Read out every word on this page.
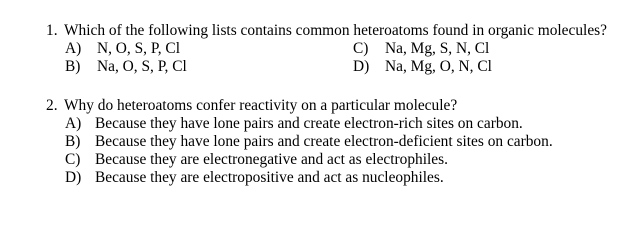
1. Which of the following lists contains common heteroatoms found in organic molecules?
A) N, O, S, P, Cl
B) Na, O, S, P, Cl
C) Na, Mg, S, N, Cl
D) Na, Mg, O, N, Cl
2. Why do heteroatoms confer reactivity on a particular molecule?
A) Because they have lone pairs and create electron-rich sites on carbon.
B) Because they have lone pairs and create electron-deficient sites on carbon.
C) Because they are electronegative and act as electrophiles.
D) Because they are electropositive and act as nucleophiles.
